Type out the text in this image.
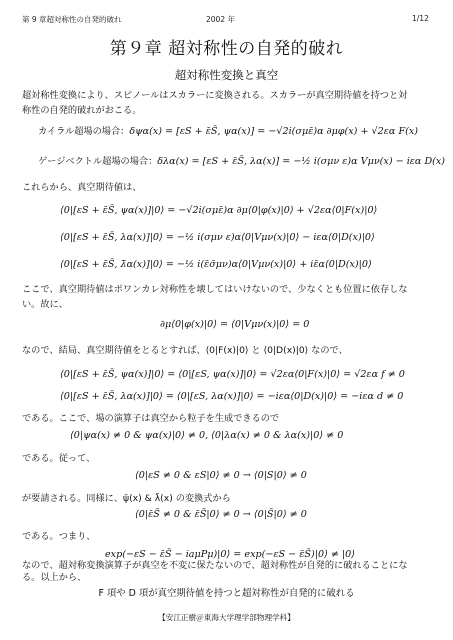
第 9 章超対称性の自発的破れ	2002 年	1/12
第９章 超対称性の自発的破れ
超対称性変換と真空
超対称性変換により、スピノールはスカラーに変換される。スカラーが真空期待値を持つと対
称性の自発的破れがおこる。
カイラル超場の場合：δψα(x) = [εS + ε̄S̄, ψα(x)] = −√2i(σμε̄)α ∂μφ(x) + √2εα F(x)
ゲージベクトル超場の場合：δλα(x) = [εS + ε̄S̄, λα(x)] = −½ i(σμν ε)α Vμν(x) − iεα D(x)
これらから、真空期待値は、
⟨0|[εS + ε̄S̄, ψα(x)]|0⟩ = −√2i(σμε̄)α ∂μ⟨0|φ(x)|0⟩ + √2εα⟨0|F(x)|0⟩
⟨0|[εS + ε̄S̄, λα(x)]|0⟩ = −½ i(σμν ε)α⟨0|Vμν(x)|0⟩ − iεα⟨0|D(x)|0⟩
⟨0|[εS + ε̄S̄, λ̄α(x)]|0⟩ = −½ i(ε̄σ̄μν)α⟨0|Vμν(x)|0⟩ + iε̄α⟨0|D(x)|0⟩
ここで、真空期待値はポワンカレ対称性を壊してはいけないので、少なくとも位置に依存しな
い。故に、
∂μ⟨0|φ(x)|0⟩ = ⟨0|Vμν(x)|0⟩ = 0
なので、結局、真空期待値をとるとすれば、⟨0|F(x)|0⟩ と ⟨0|D(x)|0⟩ なので、
⟨0|[εS + ε̄S̄, ψα(x)]|0⟩ = ⟨0|[εS, ψα(x)]|0⟩ = √2εα⟨0|F(x)|0⟩ = √2εα f ≠ 0
⟨0|[εS + ε̄S̄, λα(x)]|0⟩ = ⟨0|[εS, λα(x)]|0⟩ = −iεα⟨0|D(x)|0⟩ = −iεα d ≠ 0
である。ここで、場の演算子は真空から粒子を生成できるので
⟨0|ψα(x) ≠ 0 & ψα(x)|0⟩ ≠ 0, ⟨0|λα(x) ≠ 0 & λα(x)|0⟩ ≠ 0
である。従って、
⟨0|εS ≠ 0 & εS|0⟩ ≠ 0 → ⟨0|S|0⟩ ≠ 0
が要請される。同様に、ψ̄(x) & λ̄(x) の変換式から
⟨0|ε̄S̄ ≠ 0 & ε̄S̄|0⟩ ≠ 0 → ⟨0|S̄|0⟩ ≠ 0
である。つまり、
exp(−εS − ε̄S̄ − iaμPμ)|0⟩ = exp(−εS − ε̄S̄)|0⟩ ≠ |0⟩
なので、超対称変換演算子が真空を不変に保たないので、超対称性が自発的に破れることにな
る。以上から、
F 項や D 項が真空期待値を持つと超対称性が自発的に破れる
【安江正樹＠東海大学理学部物理学科】
